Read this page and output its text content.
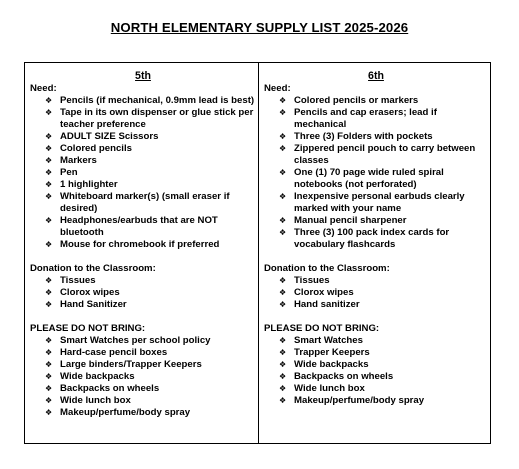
NORTH ELEMENTARY SUPPLY LIST 2025-2026
5th
Need:
❖ Pencils (if mechanical, 0.9mm lead is best)
❖ Tape in its own dispenser or glue stick per teacher preference
❖ ADULT SIZE Scissors
❖ Colored pencils
❖ Markers
❖ Pen
❖ 1 highlighter
❖ Whiteboard marker(s) (small eraser if desired)
❖ Headphones/earbuds that are NOT bluetooth
❖ Mouse for chromebook if preferred
Donation to the Classroom:
❖ Tissues
❖ Clorox wipes
❖ Hand Sanitizer
PLEASE DO NOT BRING:
❖ Smart Watches per school policy
❖ Hard-case pencil boxes
❖ Large binders/Trapper Keepers
❖ Wide backpacks
❖ Backpacks on wheels
❖ Wide lunch box
❖ Makeup/perfume/body spray
6th
Need:
❖ Colored pencils or markers
❖ Pencils and cap erasers; lead if mechanical
❖ Three (3) Folders with pockets
❖ Zippered pencil pouch to carry between classes
❖ One (1) 70 page wide ruled spiral notebooks (not perforated)
❖ Inexpensive personal earbuds clearly marked with your name
❖ Manual pencil sharpener
❖ Three (3) 100 pack index cards for vocabulary flashcards
Donation to the Classroom:
❖ Tissues
❖ Clorox wipes
❖ Hand sanitizer
PLEASE DO NOT BRING:
❖ Smart Watches
❖ Trapper Keepers
❖ Wide backpacks
❖ Backpacks on wheels
❖ Wide lunch box
❖ Makeup/perfume/body spray
